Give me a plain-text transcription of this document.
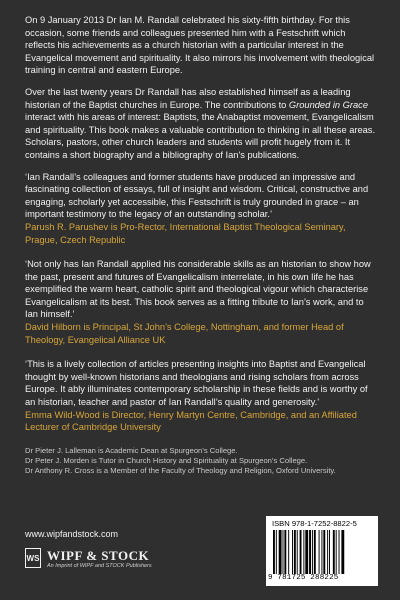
On 9 January 2013 Dr Ian M. Randall celebrated his sixty-fifth birthday. For this occasion, some friends and colleagues presented him with a Festschrift which reflects his achievements as a church historian with a particular interest in the Evangelical movement and spirituality. It also mirrors his involvement with theological training in central and eastern Europe.

Over the last twenty years Dr Randall has also established himself as a leading historian of the Baptist churches in Europe. The contributions to Grounded in Grace interact with his areas of interest: Baptists, the Anabaptist movement, Evangelicalism and spirituality. This book makes a valuable contribution to thinking in all these areas. Scholars, pastors, other church leaders and students will profit hugely from it. It contains a short biography and a bibliography of Ian's publications.

‘Ian Randall’s colleagues and former students have produced an impressive and fascinating collection of essays, full of insight and wisdom. Critical, constructive and engaging, scholarly yet accessible, this Festschrift is truly grounded in grace – an important testimony to the legacy of an outstanding scholar.’
Parush R. Parushev is Pro-Rector, International Baptist Theological Seminary, Prague, Czech Republic
‘Not only has Ian Randall applied his considerable skills as an historian to show how the past, present and futures of Evangelicalism interrelate, in his own life he has exemplified the warm heart, catholic spirit and theological vigour which characterise Evangelicalism at its best. This book serves as a fitting tribute to Ian’s work, and to Ian himself.’
David Hilborn is Principal, St John’s College, Nottingham, and former Head of Theology, Evangelical Alliance UK
‘This is a lively collection of articles presenting insights into Baptist and Evangelical thought by well-known historians and theologians and rising scholars from across Europe. It ably illuminates contemporary scholarship in these fields and is worthy of an historian, teacher and pastor of Ian Randall’s quality and generosity.’
Emma Wild-Wood is Director, Henry Martyn Centre, Cambridge, and an Affiliated Lecturer of Cambridge University
Dr Pieter J. Lalleman is Academic Dean at Spurgeon’s College.
Dr Peter J. Morden is Tutor in Church History and Spirituality at Spurgeon’s College.
Dr Anthony R. Cross is a Member of the Faculty of Theology and Religion, Oxford University.
www.wipfandstock.com
WS WIPF & STOCK
An Imprint of WIPF and STOCK Publishers
ISBN 978-1-7252-8822-5
9 781725 288225
